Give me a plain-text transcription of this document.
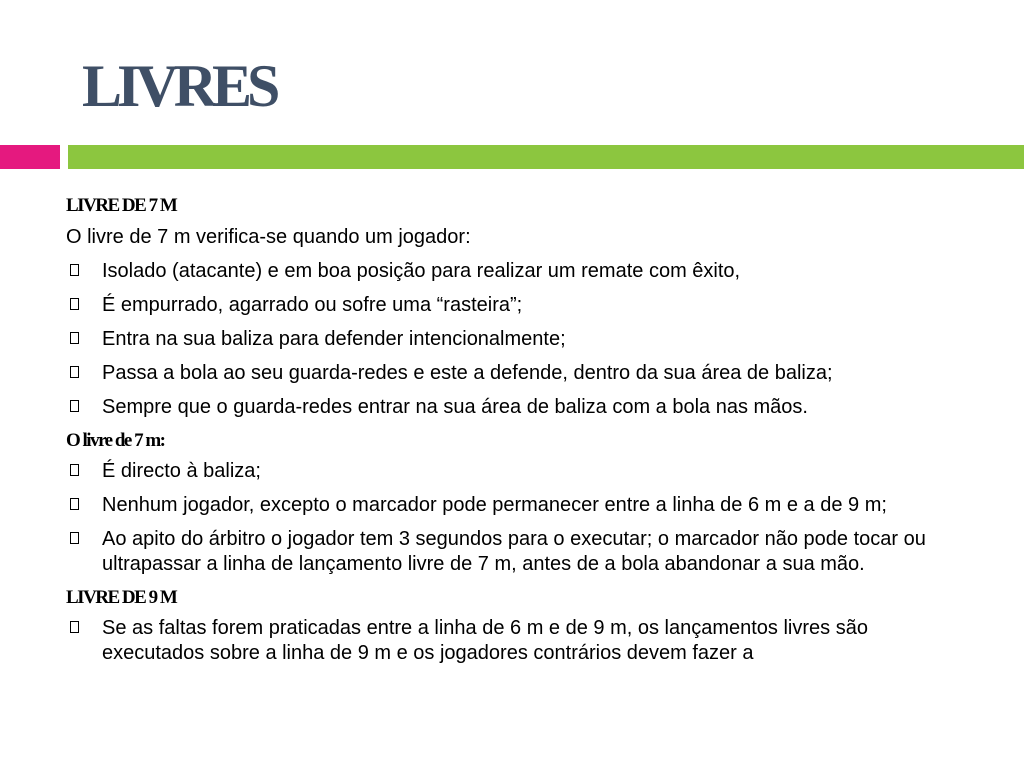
LIVRES
LIVRE DE 7 M
O livre de 7 m verifica-se quando um jogador:
Isolado (atacante) e em boa posição para realizar um remate com êxito,
É empurrado, agarrado ou sofre uma “rasteira”;
Entra na sua baliza para defender intencionalmente;
Passa a bola ao seu guarda-redes e este a defende, dentro da sua área de baliza;
Sempre que o guarda-redes entrar na sua área de baliza com a bola nas mãos.
O livre de 7 m:
É directo à baliza;
Nenhum jogador, excepto o marcador pode permanecer entre a linha de 6 m e a de 9 m;
Ao apito do árbitro o jogador tem 3 segundos para o executar; o marcador não pode tocar ou ultrapassar a linha de lançamento livre de 7 m, antes de a bola abandonar a sua mão.
LIVRE DE 9 M
Se as faltas forem praticadas entre a linha de 6 m e de 9 m, os lançamentos livres são executados sobre a linha de 9 m e os jogadores contrários devem fazer a
